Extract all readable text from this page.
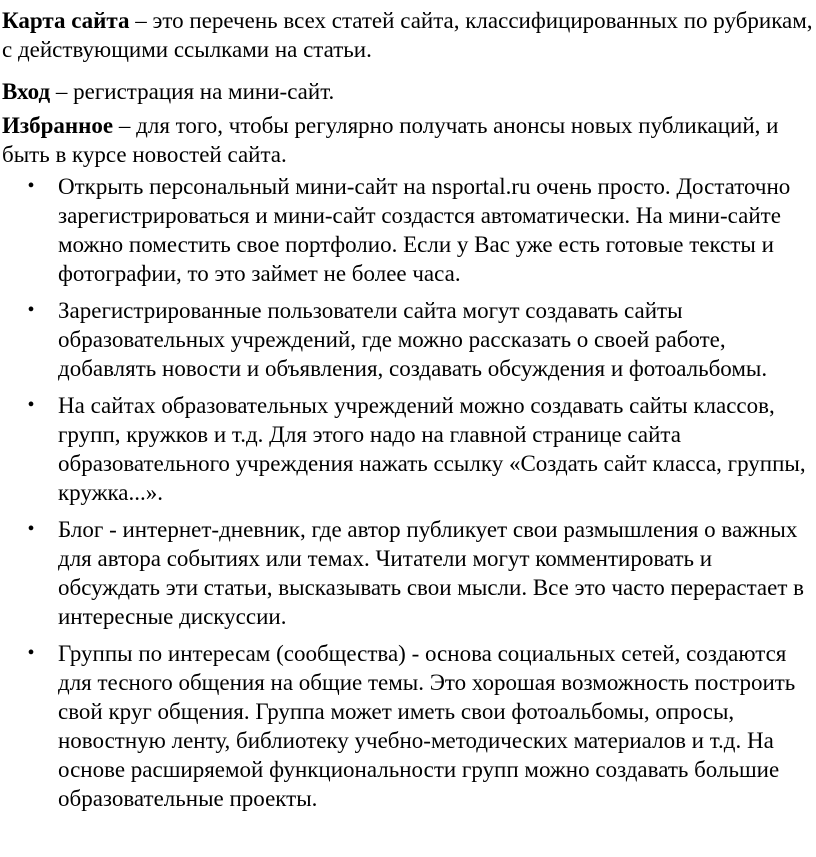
Карта сайта – это перечень всех статей сайта, классифицированных по рубрикам, с действующими ссылками на статьи.

Вход – регистрация на мини-сайт.

Избранное – для того, чтобы регулярно получать анонсы новых публикаций, и быть в курсе новостей сайта.

• Открыть персональный мини-сайт на nsportal.ru очень просто. Достаточно зарегистрироваться и мини-сайт создастся автоматически. На мини-сайте можно поместить свое портфолио. Если у Вас уже есть готовые тексты и фотографии, то это займет не более часа.
• Зарегистрированные пользователи сайта могут создавать сайты образовательных учреждений, где можно рассказать о своей работе, добавлять новости и объявления, создавать обсуждения и фотоальбомы.
• На сайтах образовательных учреждений можно создавать сайты классов, групп, кружков и т.д. Для этого надо на главной странице сайта образовательного учреждения нажать ссылку «Создать сайт класса, группы, кружка...».
• Блог - интернет-дневник, где автор публикует свои размышления о важных для автора событиях или темах. Читатели могут комментировать и обсуждать эти статьи, высказывать свои мысли. Все это часто перерастает в интересные дискуссии.
• Группы по интересам (сообщества) - основа социальных сетей, создаются для тесного общения на общие темы. Это хорошая возможность построить свой круг общения. Группа может иметь свои фотоальбомы, опросы, новостную ленту, библиотеку учебно-методических материалов и т.д. На основе расширяемой функциональности групп можно создавать большие образовательные проекты.
